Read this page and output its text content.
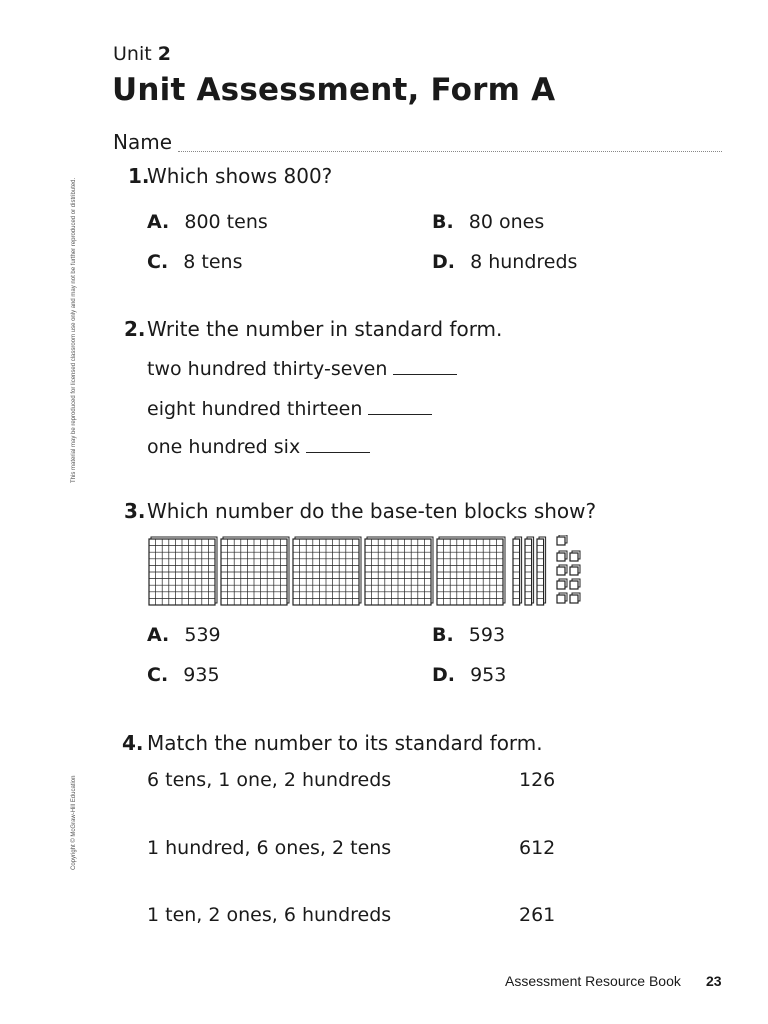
Unit 2
Unit Assessment, Form A
Name
This material may be reproduced for licensed classroom use only and may not be further reproduced or distributed.
Copyright © McGraw-Hill Education
1.
Which shows 800?
A. 800 tens	B. 80 ones
C. 8 tens	D. 8 hundreds
2. Write the number in standard form.
two hundred thirty-seven
eight hundred thirteen
one hundred six
3. Which number do the base-ten blocks show?
A. 539	B. 593
C. 935	D. 953
4. Match the number to its standard form.
6 tens, 1 one, 2 hundreds	126
1 hundred, 6 ones, 2 tens	612
1 ten, 2 ones, 6 hundreds	261
Assessment Resource Book 23
